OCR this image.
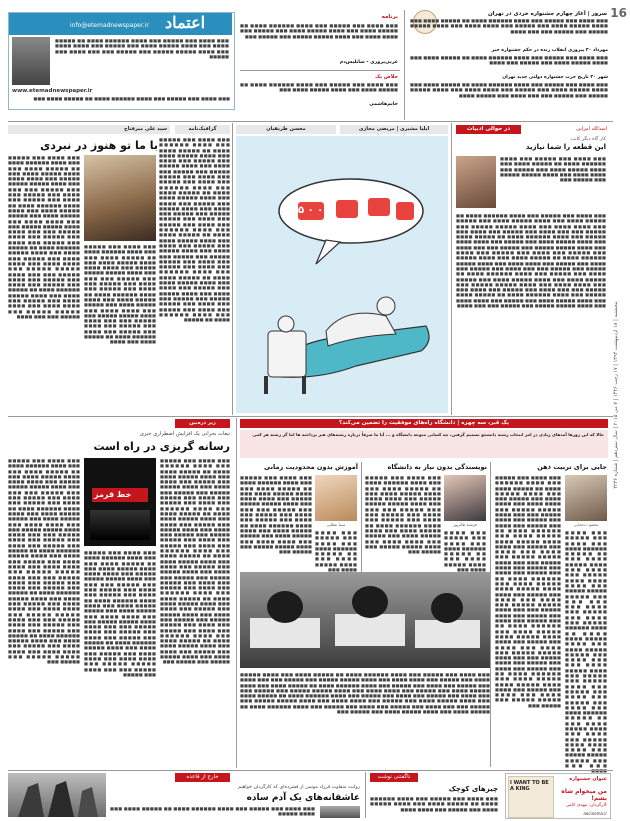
16
پنجشنبه | ۱۸ اردیبهشت ۱۳۹۴ | ۱۷ رجب ۱۴۳۶ | ۷ می ۲۰۱۵ | سال سیزدهم | شماره ۳۲۳۶
سرور | آغاز چهارم جشنواره خردی در تهران
■■■ ■■■■ ■■■ ■■■■■ ■■■ ■■■■ ■■■■■■ ■■■■ ■■ ■■■■■ ■■■■ ■■■ ■■■■ ■■■■■ ■■■■ ■■■ ■■■■■ ■■■ ■■■■ ■■■■ ■■■ ■■■■ ■■■■■ ■■■■■ ■■■ ■■■■■ ■■■ ■■■ ■■■■
مهرداد ۳۰ پیروزی انقلاب زنده در حکم جشنواره خبر
■■■ ■■■■ ■■■ ■■■■■ ■■■ ■■■■ ■■■■■■ ■■■■ ■■ ■■■■■ ■■■■ ■■■ ■■■■ ■■■■■ ■■■■ ■■■ ■■■■■ ■■■ ■■■■
شهر ۳۰ تاریخ حزب جشنواره دولتی جدید تهران
■■■ ■■■■ ■■■ ■■■■■ ■■■ ■■■■ ■■■■■■ ■■■■ ■■ ■■■■■ ■■■■ ■■■ ■■■■ ■■■■■ ■■■■ ■■■ ■■■■■ ■■■ ■■■■ ■■■■ ■■■ ■■■■ ■■■■■ ■■■■■ ■■■ ■■■■■ ■■■ ■■■ ■■■■ ■■■ ■■■■■ ■■■■
برنامه
■■■ ■■■■ ■■■ ■■■■■ ■■■ ■■■■ ■■■■■■ ■■■■ ■■ ■■■■■ ■■■■ ■■■ ■■■■ ■■■■■ ■■■■ ■■■ ■■■■■ ■■■ ■■■■ ■■■■ ■■■ ■■■■ ■■■■■ ■■■■■ ■■■ ■■■■■ ■■■
عربی‌پروری - ساتلیس‌دم
خلاص یک
■■■ ■■■■ ■■■ ■■■■■ ■■■ ■■■■ ■■■■■■ ■■■■ ■■ ■■■■■ ■■■■ ■■■ ■■■■ ■■■■■ ■■■■ ■■■
خانم‌هاشمی
اعتماد
info@etemadnewspaper.ir
■■■ ■■■■ ■■■ ■■■■■ ■■■ ■■■■ ■■■■■■ ■■■■ ■■ ■■■■■ ■■■■ ■■■ ■■■■ ■■■■■ ■■■■ ■■■ ■■■■■ ■■■ ■■■■ ■■■■ ■■■ ■■■■ ■■■■■ ■■■■■ ■■■ ■■■■■ ■■■ ■■■ ■■■■ ■■■ ■■■■■
www.etemadnewspaper.ir
■■■ ■■■■ ■■■ ■■■■■ ■■■ ■■■■ ■■■■■■ ■■■■ ■■ ■■■■■ ■■■■ ■■■
در حوالی ادبیات	اسدالله امرایی
کار گاه دیگر کاتب
این قطعه را شما نیازید
■■■ ■■■■ ■■■ ■■■■■ ■■■ ■■■■ ■■■■■■ ■■■■ ■■ ■■■■■ ■■■■ ■■■ ■■■■ ■■■■■ ■■■■ ■■■ ■■■■■ ■■■ ■■■■ ■■■■ ■■■ ■■■■ ■■■■■ ■■■■■ ■■■ ■■■■■ ■■■
■■■ ■■■■ ■■■ ■■■■■ ■■■ ■■■■ ■■■■■■ ■■■■ ■■ ■■■■■ ■■■■ ■■■ ■■■■ ■■■■■ ■■■■ ■■■ ■■■■■ ■■■ ■■■■ ■■■■ ■■■ ■■■■ ■■■■■ ■■■■■ ■■■ ■■■■■ ■■■ ■■■ ■■■■ ■■■ ■■■■■ ■■■ ■■■■ ■■■ ■■■■■ ■■■ ■■■■ ■■■■■■ ■■■■ ■■ ■■■■■ ■■■■ ■■■ ■■■■ ■■■■■ ■■■■ ■■■ ■■■■■ ■■■ ■■■■ ■■■■ ■■■ ■■■■ ■■■■■ ■■■■■ ■■■ ■■■■■ ■■■ ■■■ ■■■■ ■■■ ■■■■■ ■■■ ■■■■ ■■■ ■■■■■ ■■■ ■■■■ ■■■■■■ ■■■■ ■■ ■■■■■ ■■■■ ■■■ ■■■■ ■■■■■ ■■■■ ■■■ ■■■■■ ■■■ ■■■■ ■■■■ ■■■ ■■■■ ■■■■■ ■■■■■ ■■■ ■■■■■ ■■■ ■■■ ■■■■ ■■■ ■■■■■ ■■■ ■■■■ ■■■ ■■■■■ ■■■ ■■■■ ■■■■■■ ■■■■ ■■ ■■■■■ ■■■■ ■■■ ■■■■ ■■■■■ ■■■■ ■■■ ■■■■■ ■■■ ■■■■ ■■■■ ■■■ ■■■■ ■■■■■ ■■■■■ ■■■ ■■■■■ ■■■ ■■■ ■■■■ ■■■ ■■■■■ ■■■ ■■■■ ■■■ ■■■■■ ■■■ ■■■■ ■■■■■■ ■■■■ ■■ ■■■■■ ■■■■ ■■■ ■■■■ ■■■■■ ■■■■ ■■■ ■■■■■ ■■■ ■■■■ ■■■■ ■■■ ■■■■ ■■■■■ ■■■■■ ■■■ ■■■■■ ■■■ ■■■ ■■■■
ایلیا مشیری | مریضی مجازی
محسن طریقیان
۵ ۰ ۰
گرافیک‌نامه
سید علی میرفتاح
با ما تو هنوز در نبردی ■■■ ■■■■ ■■■ ■■■■■ ■■■ ■■■■ ■■■■■■ ■■■■ ■■ ■■■■■ ■■■■ ■■■ ■■■■ ■■■■■ ■■■■ ■■■ ■■■■■ ■■■ ■■■■ ■■■■ ■■■ ■■■■ ■■■■■ ■■■■■ ■■■ ■■■■■ ■■■ ■■■ ■■■■ ■■■ ■■■■■ ■■■ ■■■■ ■■■ ■■■■■ ■■■ ■■■■ ■■■■■■ ■■■■ ■■ ■■■■■ ■■■■ ■■■ ■■■■ ■■■■■ ■■■■ ■■■ ■■■■■ ■■■ ■■■■ ■■■■ ■■■ ■■■■ ■■■■■ ■■■■■ ■■■ ■■■■■ ■■■ ■■■ ■■■■ ■■■ ■■■■■ ■■■ ■■■■ ■■■ ■■■■■ ■■■ ■■■■ ■■■■■■ ■■■■ ■■ ■■■■■ ■■■■ ■■■ ■■■■ ■■■■■ ■■■■ ■■■ ■■■■■ ■■■ ■■■■ ■■■■ ■■■ ■■■■ ■■■■■ ■■■■■ ■■■ ■■■■■ ■■■ ■■■ ■■■■ ■■■ ■■■■■ ■■■ ■■■■ ■■■ ■■■■■ ■■■ ■■■■ ■■■■■■ ■■■■ ■■ ■■■■■ ■■■■ ■■■ ■■■■ ■■■■■ ■■■■ ■■■ ■■■■■ ■■■ ■■■■ ■■■■ ■■■ ■■■■ ■■■■■ ■■■■■ ■■■ ■■■■■ ■■■ ■■■ ■■■■ ■■■ ■■■■■ ■■■ ■■■■ ■■■ ■■■■■ ■■■ ■■■■ ■■■■■■ ■■■■ ■■ ■■■■■
■■■ ■■■■ ■■■ ■■■■■ ■■■ ■■■■ ■■■■■■ ■■■■ ■■ ■■■■■ ■■■■ ■■■ ■■■■ ■■■■■ ■■■■ ■■■ ■■■■■ ■■■ ■■■■ ■■■■ ■■■ ■■■■ ■■■■■ ■■■■■ ■■■ ■■■■■ ■■■ ■■■ ■■■■ ■■■ ■■■■■ ■■■ ■■■■ ■■■ ■■■■■ ■■■ ■■■■ ■■■■■■ ■■■■ ■■ ■■■■■ ■■■■ ■■■ ■■■■ ■■■■■ ■■■■ ■■■ ■■■■■ ■■■ ■■■■ ■■■■ ■■■ ■■■■ ■■■■■ ■■■■■ ■■■ ■■■■■ ■■■ ■■■ ■■■■ ■■■ ■■■■■ ■■■ ■■■■ ■■■ ■■■■■ ■■■ ■■■■ ■■■■■■ ■■■■ ■■ ■■■■■ ■■■■ ■■■ ■■■■
■■■ ■■■■ ■■■ ■■■■■ ■■■ ■■■■ ■■■■■■ ■■■■ ■■ ■■■■■ ■■■■ ■■■ ■■■■ ■■■■■ ■■■■ ■■■ ■■■■■ ■■■ ■■■■ ■■■■ ■■■ ■■■■ ■■■■■ ■■■■■ ■■■ ■■■■■ ■■■ ■■■ ■■■■ ■■■ ■■■■■ ■■■ ■■■■ ■■■ ■■■■■ ■■■ ■■■■ ■■■■■■ ■■■■ ■■ ■■■■■ ■■■■ ■■■ ■■■■ ■■■■■ ■■■■ ■■■ ■■■■■ ■■■ ■■■■ ■■■■ ■■■ ■■■■ ■■■■■ ■■■■■ ■■■ ■■■■■ ■■■ ■■■ ■■■■ ■■■ ■■■■■ ■■■ ■■■■ ■■■ ■■■■■ ■■■ ■■■■ ■■■■■■ ■■■■ ■■ ■■■■■ ■■■■ ■■■ ■■■■ ■■■■■ ■■■■ ■■■ ■■■■■ ■■■ ■■■■ ■■■■ ■■■ ■■■■ ■■■■■ ■■■■■ ■■■ ■■■■■ ■■■ ■■■ ■■■■ ■■■ ■■■■■ ■■■ ■■■■ ■■■ ■■■■■ ■■■ ■■■■ ■■■■■■ ■■■■ ■■ ■■■■■ ■■■■ ■■■ ■■■■ ■■■■■ ■■■■ ■■■ ■■■■■ ■■■ ■■■■ ■■■■ ■■■ ■■■■ ■■■■■ ■■■■■ ■■■ ■■■■■ ■■■ ■■■ ■■■■
یک قبر، سه چهره | دانشگاه راه‌های موفقیت را تضمین می‌کند؟
حالا که این روزها آمدهای زیادی در امر انتخاب رشته دانشجو تصمیم گرفتن، چه کسانی متوجه دانشگاه و ... آیا ما صرفاً درباره رشته‌های هنر پرداخته ها اما گر رشته هر کمی
جایی برای تربیت ذهن
محمود ده‌خدایی
■■■ ■■■■ ■■■ ■■■■■ ■■■ ■■■■ ■■■■■■ ■■■■ ■■ ■■■■■ ■■■■ ■■■ ■■■■ ■■■■■ ■■■■ ■■■ ■■■■■ ■■■ ■■■■ ■■■■ ■■■ ■■■■ ■■■■■ ■■■■■ ■■■ ■■■■■ ■■■ ■■■ ■■■■ ■■■ ■■■■■ ■■■ ■■■■ ■■■ ■■■■■ ■■■ ■■■■ ■■■■■■ ■■■■ ■■ ■■■■■ ■■■■ ■■■ ■■■■ ■■■■■ ■■■■ ■■■ ■■■■■ ■■■ ■■■■ ■■■■ ■■■ ■■■■ ■■■■■ ■■■■■ ■■■ ■■■■■ ■■■ ■■■ ■■■■ ■■■ ■■■■■ ■■■ ■■■■ ■■■ ■■■■■ ■■■ ■■■■ ■■■■■■ ■■■■ ■■ ■■■■■ ■■■■ ■■■ ■■■■ ■■■■■ ■■■■ ■■■ ■■■■■ ■■■ ■■■■ ■■■■ ■■■ ■■■■ ■■■■■ ■■■■■ ■■■ ■■■■■ ■■■ ■■■ ■■■■ ■■■ ■■■■■ ■■■ ■■■■ ■■■ ■■■■■ ■■■ ■■■■ ■■■■■■ ■■■■ ■■ ■■■■■ ■■■■ ■■■ ■■■■ ■■■■■ ■■■■ ■■■ ■■■■■ ■■■ ■■■■ ■■■■ ■■■ ■■■■ ■■■■■ ■■■■■ ■■■ ■■■■■ ■■■ ■■■ ■■■■ ■■■ ■■■■■ ■■■ ■■■■ ■■■ ■■■■■ ■■■ ■■■■ ■■■■■■ ■■■■ ■■ ■■■■■ ■■■■ ■■■ ■■■■ ■■■■■ ■■■■ ■■■ ■■■■■ ■■■ ■■■■ ■■■■ ■■■ ■■■■ ■■■■■ ■■■■■ ■■■ ■■■■■ ■■■
■■■ ■■■■ ■■■ ■■■■■ ■■■ ■■■■ ■■■■■■ ■■■■ ■■ ■■■■■ ■■■■ ■■■ ■■■■ ■■■■■ ■■■■ ■■■ ■■■■■ ■■■ ■■■■ ■■■■ ■■■ ■■■■ ■■■■■ ■■■■■ ■■■ ■■■■■ ■■■ ■■■ ■■■■ ■■■ ■■■■■ ■■■ ■■■■ ■■■ ■■■■■ ■■■ ■■■■ ■■■■■■ ■■■■ ■■ ■■■■■ ■■■■ ■■■ ■■■■ ■■■■■ ■■■■ ■■■ ■■■■■ ■■■ ■■■■ ■■■■ ■■■ ■■■■ ■■■■■ ■■■■■ ■■■ ■■■■■ ■■■ ■■■ ■■■■ ■■■ ■■■■■ ■■■ ■■■■ ■■■ ■■■■■ ■■■ ■■■■ ■■■■■■ ■■■■ ■■ ■■■■■ ■■■■ ■■■ ■■■■ ■■■■■ ■■■■ ■■■ ■■■■■ ■■■ ■■■■ ■■■■ ■■■ ■■■■ ■■■■■ ■■■■■ ■■■ ■■■■■ ■■■ ■■■
نویسندگی بدون نیاز به دانشگاه
فرشته طائرپور
■■■ ■■■■ ■■■ ■■■■■ ■■■ ■■■■ ■■■■■■ ■■■■ ■■ ■■■■■ ■■■■ ■■■ ■■■■ ■■■■■ ■■■■ ■■■ ■■■■■ ■■■ ■■■■ ■■■■ ■■■ ■■■■ ■■■■■ ■■■■■ ■■■ ■■■■■ ■■■ ■■■ ■■■■ ■■■ ■■■■■ ■■■ ■■■■ ■■■ ■■■■■ ■■■ ■■■■ ■■■■■■ ■■■■ ■■ ■■■■■ ■■■■ ■■■ ■■■■ ■■■■■ ■■■■ ■■■ ■■■■■ ■■■ ■■■■ ■■■■ ■■■ ■■■■ ■■■■■ ■■■■■ ■■■ ■■■■■ ■■■
■■■ ■■■■ ■■■ ■■■■■ ■■■ ■■■■ ■■■■■■ ■■■■ ■■ ■■■■■ ■■■■ ■■■ ■■■■ ■■■■■ ■■■■ ■■■
آموزش بدون محدودیت زمانی
سینا عطایی
■■■ ■■■■ ■■■ ■■■■■ ■■■ ■■■■ ■■■■■■ ■■■■ ■■ ■■■■■ ■■■■ ■■■ ■■■■ ■■■■■ ■■■■ ■■■ ■■■■■ ■■■ ■■■■ ■■■■ ■■■ ■■■■ ■■■■■ ■■■■■ ■■■ ■■■■■ ■■■ ■■■ ■■■■ ■■■ ■■■■■ ■■■ ■■■■ ■■■ ■■■■■ ■■■ ■■■■ ■■■■■■ ■■■■ ■■ ■■■■■ ■■■■ ■■■ ■■■■ ■■■■■ ■■■■ ■■■ ■■■■■ ■■■ ■■■■ ■■■■ ■■■ ■■■■ ■■■■■ ■■■■■ ■■■ ■■■■■ ■■■
■■■ ■■■■ ■■■ ■■■■■ ■■■ ■■■■ ■■■■■■ ■■■■ ■■ ■■■■■ ■■■■ ■■■ ■■■■ ■■■■■ ■■■■ ■■■
■■■ ■■■■ ■■■ ■■■■■ ■■■ ■■■■ ■■■■■■ ■■■■ ■■ ■■■■■ ■■■■ ■■■ ■■■■ ■■■■■ ■■■■ ■■■ ■■■■■ ■■■ ■■■■ ■■■■ ■■■ ■■■■ ■■■■■ ■■■■■ ■■■ ■■■■■ ■■■ ■■■ ■■■■ ■■■ ■■■■■ ■■■ ■■■■ ■■■ ■■■■■ ■■■ ■■■■ ■■■■■■ ■■■■ ■■ ■■■■■ ■■■■ ■■■ ■■■■ ■■■■■ ■■■■ ■■■ ■■■■■ ■■■ ■■■■ ■■■■ ■■■ ■■■■ ■■■■■ ■■■■■ ■■■ ■■■■■ ■■■ ■■■ ■■■■ ■■■ ■■■■■ ■■■ ■■■■ ■■■ ■■■■■ ■■■ ■■■■ ■■■■■■ ■■■■ ■■ ■■■■■ ■■■■ ■■■ ■■■■ ■■■■■ ■■■■ ■■■ ■■■■■ ■■■ ■■■■ ■■■■ ■■■ ■■■■ ■■■■■ ■■■■■ ■■■ ■■■■■ ■■■ ■■■ ■■■■ ■■■ ■■■■■ ■■■ ■■■■ ■■■ ■■■■■ ■■■ ■■■■ ■■■■■■ ■■■■ ■■ ■■■■■ ■■■■ ■■■ ■■■■ ■■■■■ ■■■■ ■■■ ■■■■■ ■■■
زیر ذره‌بین
تبعات بحرانی یک افزایش اضطراری خبری
رسانه گریزی در راه است
■■■ ■■■■ ■■■ ■■■■■ ■■■ ■■■■ ■■■■■■ ■■■■ ■■ ■■■■■ ■■■■ ■■■ ■■■■ ■■■■■ ■■■■ ■■■ ■■■■■ ■■■ ■■■■ ■■■■ ■■■ ■■■■ ■■■■■ ■■■■■ ■■■ ■■■■■ ■■■ ■■■ ■■■■ ■■■ ■■■■■ ■■■ ■■■■ ■■■ ■■■■■ ■■■ ■■■■ ■■■■■■ ■■■■ ■■ ■■■■■ ■■■■ ■■■ ■■■■ ■■■■■ ■■■■ ■■■ ■■■■■ ■■■ ■■■■ ■■■■ ■■■ ■■■■ ■■■■■ ■■■■■ ■■■ ■■■■■ ■■■ ■■■ ■■■■ ■■■ ■■■■■ ■■■ ■■■■ ■■■ ■■■■■ ■■■ ■■■■ ■■■■■■ ■■■■ ■■ ■■■■■ ■■■■ ■■■ ■■■■ ■■■■■ ■■■■ ■■■ ■■■■■ ■■■ ■■■■ ■■■■ ■■■ ■■■■ ■■■■■ ■■■■■ ■■■ ■■■■■ ■■■ ■■■ ■■■■ ■■■ ■■■■■ ■■■ ■■■■ ■■■ ■■■■■ ■■■ ■■■■ ■■■■■■ ■■■■ ■■ ■■■■■ ■■■■ ■■■ ■■■■ ■■■■■ ■■■■ ■■■ ■■■■■ ■■■ ■■■■ ■■■■ ■■■ ■■■■ ■■■■■ ■■■■■ ■■■ ■■■■■ ■■■ ■■■ ■■■■ ■■■ ■■■■■ ■■■ ■■■■ ■■■ ■■■■■ ■■■ ■■■■ ■■■■■■ ■■■■ ■■ ■■■■■ ■■■■ ■■■ ■■■■ ■■■■■ ■■■■ ■■■ ■■■■■ ■■■ ■■■■ ■■■■ ■■■ ■■■■ ■■■■■ ■■■■■ ■■■ ■■■■■ ■■■
خط قرمز
■■■ ■■■■ ■■■ ■■■■■ ■■■ ■■■■ ■■■■■■ ■■■■ ■■ ■■■■■ ■■■■ ■■■ ■■■■ ■■■■■ ■■■■ ■■■ ■■■■■ ■■■ ■■■■ ■■■■ ■■■ ■■■■ ■■■■■ ■■■■■ ■■■ ■■■■■ ■■■ ■■■ ■■■■ ■■■ ■■■■■ ■■■ ■■■■ ■■■ ■■■■■ ■■■ ■■■■ ■■■■■■ ■■■■ ■■ ■■■■■ ■■■■ ■■■ ■■■■ ■■■■■ ■■■■ ■■■ ■■■■■ ■■■ ■■■■ ■■■■ ■■■ ■■■■ ■■■■■ ■■■■■ ■■■ ■■■■■ ■■■ ■■■ ■■■■ ■■■ ■■■■■ ■■■ ■■■■ ■■■ ■■■■■ ■■■ ■■■■ ■■■■■■ ■■■■ ■■ ■■■■■ ■■■■ ■■■ ■■■■ ■■■■■ ■■■■ ■■■ ■■■■■ ■■■ ■■■■ ■■■■ ■■■ ■■■■ ■■■■■ ■■■■■ ■■■ ■■■■■ ■■■ ■■■ ■■■■ ■■■ ■■■■■
■■■ ■■■■ ■■■ ■■■■■ ■■■ ■■■■ ■■■■■■ ■■■■ ■■ ■■■■■ ■■■■ ■■■ ■■■■ ■■■■■ ■■■■ ■■■ ■■■■■ ■■■ ■■■■ ■■■■ ■■■ ■■■■ ■■■■■ ■■■■■ ■■■ ■■■■■ ■■■ ■■■ ■■■■ ■■■ ■■■■■ ■■■ ■■■■ ■■■ ■■■■■ ■■■ ■■■■ ■■■■■■ ■■■■ ■■ ■■■■■ ■■■■ ■■■ ■■■■ ■■■■■ ■■■■ ■■■ ■■■■■ ■■■ ■■■■ ■■■■ ■■■ ■■■■ ■■■■■ ■■■■■ ■■■ ■■■■■ ■■■ ■■■ ■■■■ ■■■ ■■■■■ ■■■ ■■■■ ■■■ ■■■■■ ■■■ ■■■■ ■■■■■■ ■■■■ ■■ ■■■■■ ■■■■ ■■■ ■■■■ ■■■■■ ■■■■ ■■■ ■■■■■ ■■■ ■■■■ ■■■■ ■■■ ■■■■ ■■■■■ ■■■■■ ■■■ ■■■■■ ■■■ ■■■ ■■■■ ■■■ ■■■■■ ■■■ ■■■■ ■■■ ■■■■■ ■■■ ■■■■ ■■■■■■ ■■■■ ■■ ■■■■■ ■■■■ ■■■ ■■■■ ■■■■■ ■■■■ ■■■ ■■■■■ ■■■ ■■■■ ■■■■ ■■■ ■■■■ ■■■■■ ■■■■■ ■■■ ■■■■■ ■■■ ■■■ ■■■■ ■■■ ■■■■■ ■■■ ■■■■ ■■■ ■■■■■ ■■■ ■■■■ ■■■■■■ ■■■■ ■■ ■■■■■ ■■■■ ■■■ ■■■■ ■■■■■ ■■■■ ■■■ ■■■■■ ■■■ ■■■■ ■■■■ ■■■ ■■■■ ■■■■■ ■■■■■ ■■■ ■■■■■ ■■■
I WANT TO BE A KING
عنوان جشنواره
من میخوام شاه بشم!
کارگردان: مهدی کامی
aecinema.ir
ناگفتنی نوشت
چیزهای کوچک
■■■ ■■■■ ■■■ ■■■■■ ■■■ ■■■■ ■■■■■■ ■■■■ ■■ ■■■■■ ■■■■ ■■■ ■■■■ ■■■■■ ■■■■ ■■■ ■■■■■ ■■■ ■■■■ ■■■■
خارج از قاعده
روایت متفاوت فرزاد موتمن از فشرده‌ای که کارگردان خواهیم
عاشقانه‌های یک آدم ساده
■■■ ■■■■ ■■■ ■■■■■ ■■■ ■■■■ ■■■■■■ ■■■■ ■■ ■■■■■ ■■■■ ■■■ ■■■■ ■■■■■
